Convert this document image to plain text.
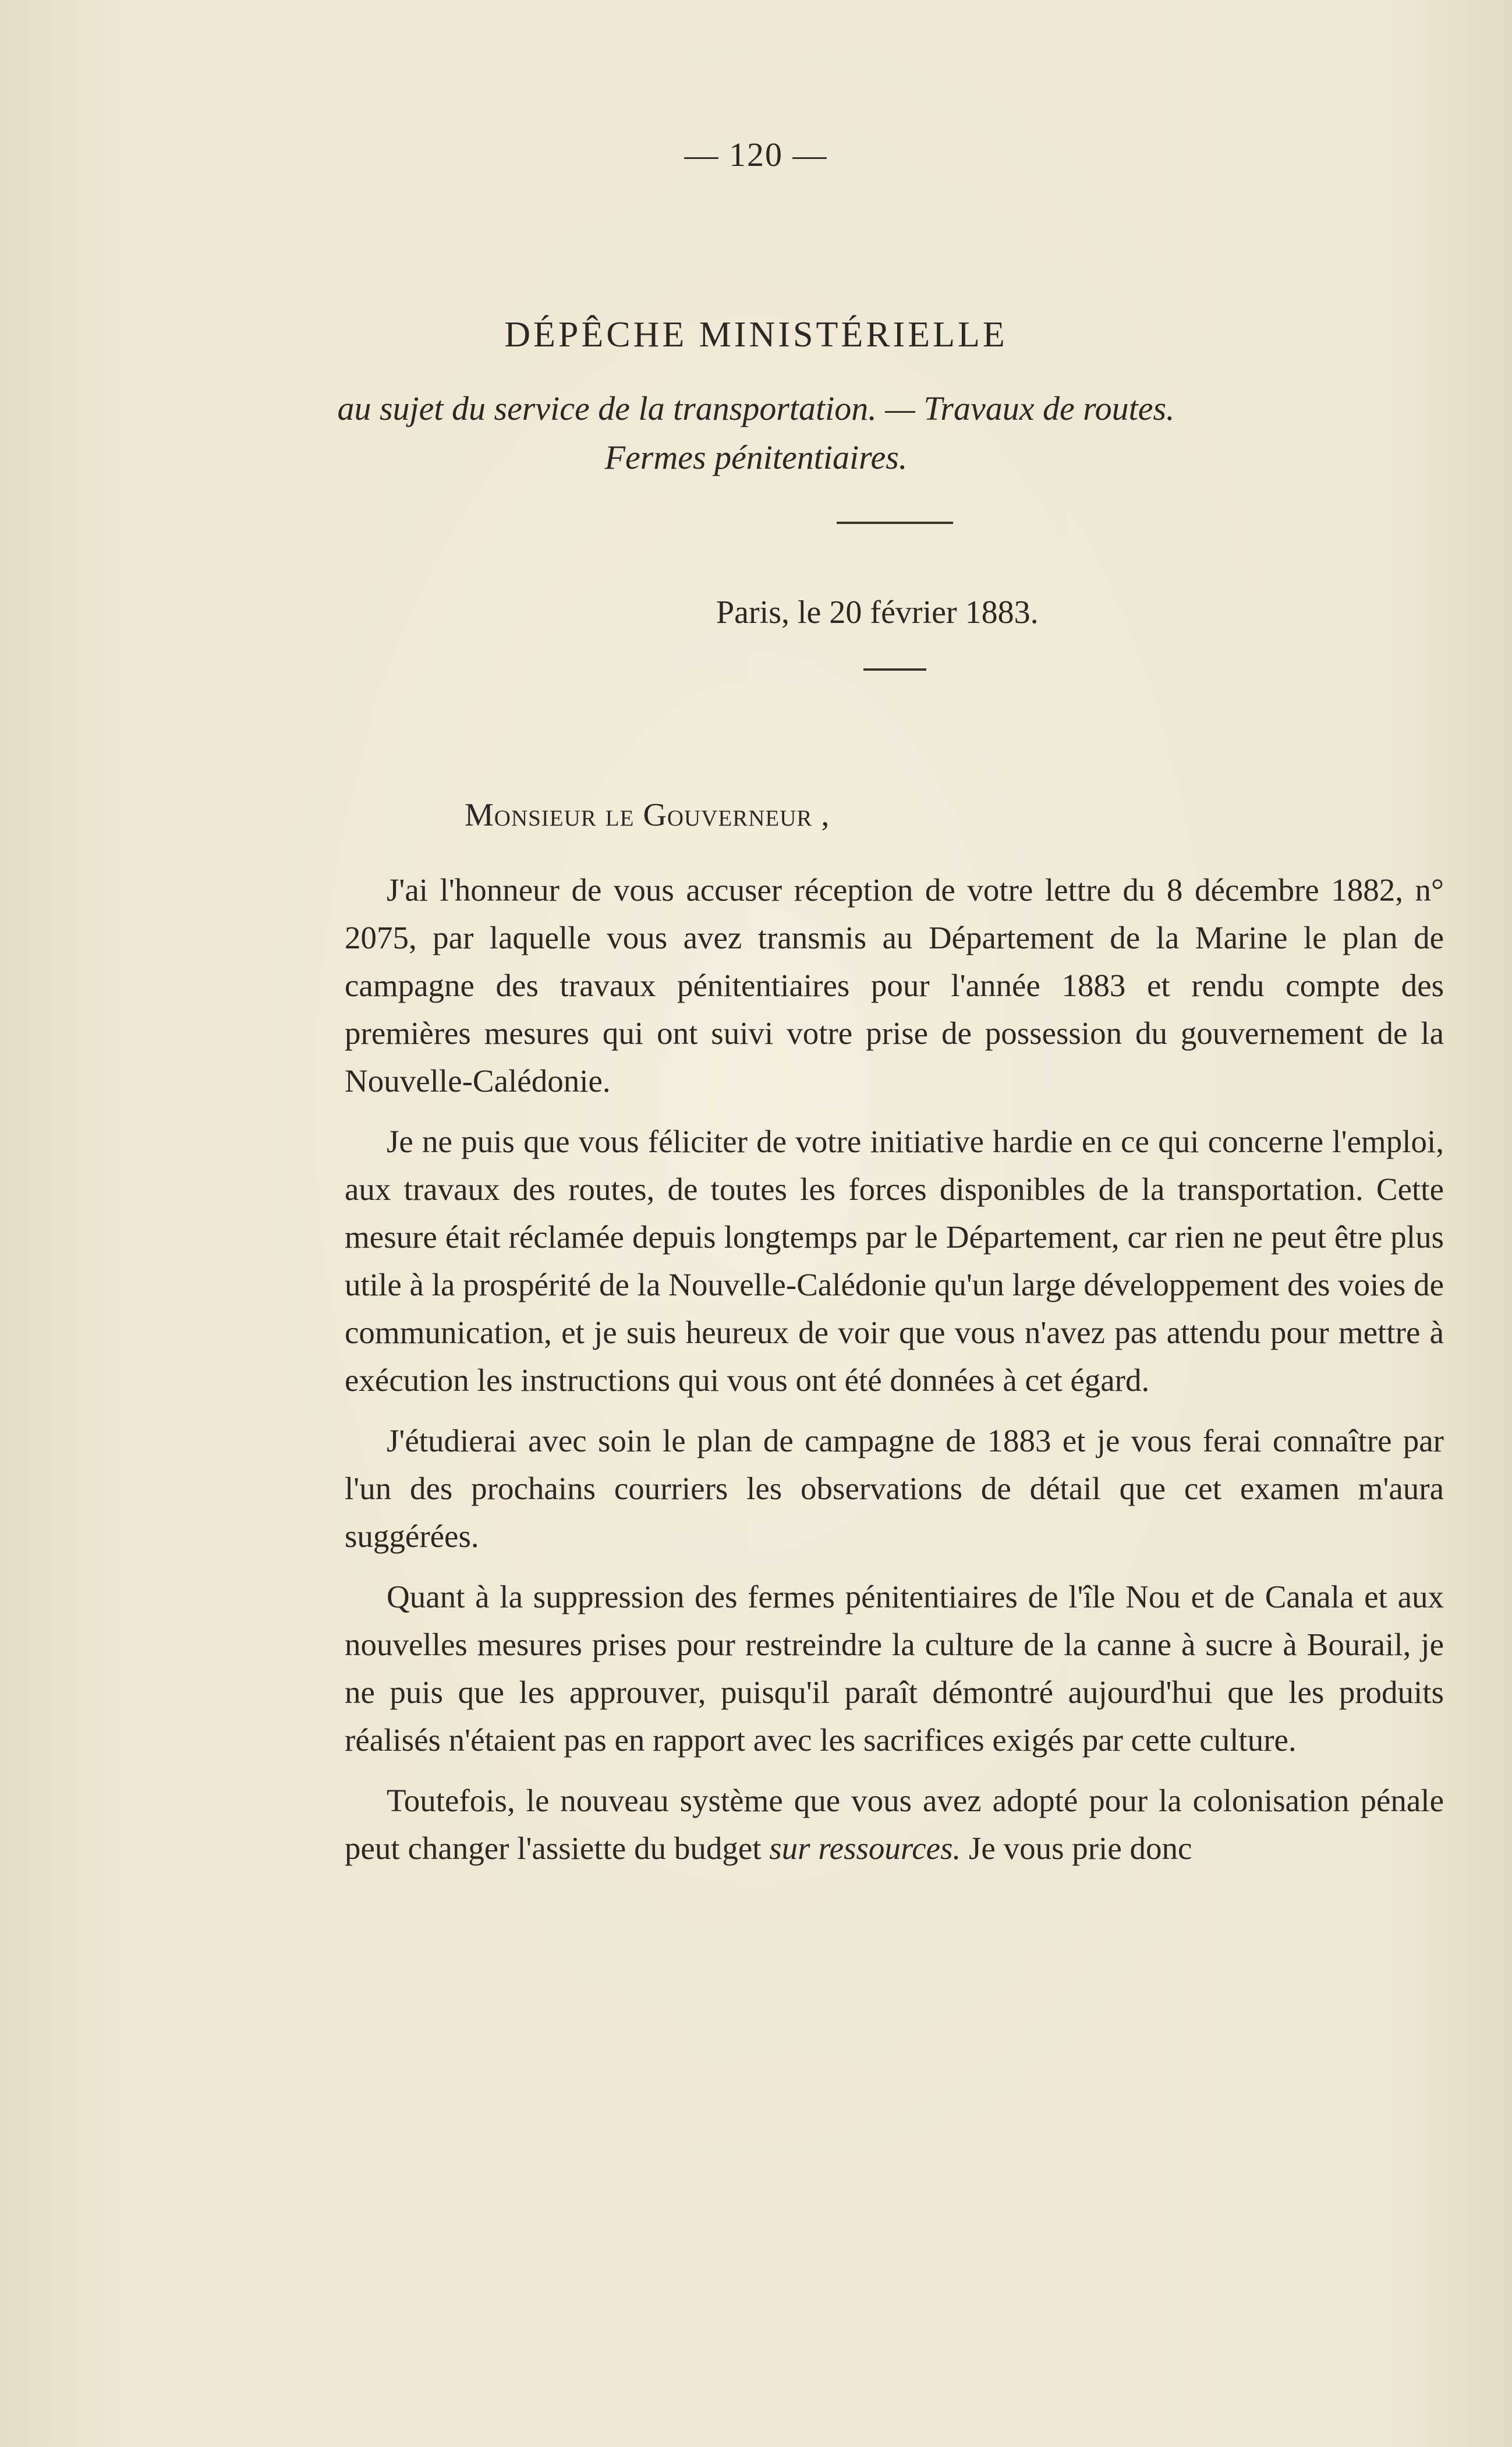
— 120 —
DÉPÊCHE MINISTÉRIELLE
au sujet du service de la transportation. — Travaux de routes.
Fermes pénitentiaires.
Paris, le 20 février 1883.
Monsieur le Gouverneur ,

J'ai l'honneur de vous accuser réception de votre lettre du 8 décembre 1882, n° 2075, par laquelle vous avez transmis au Département de la Marine le plan de campagne des travaux pénitentiaires pour l'année 1883 et rendu compte des premières mesures qui ont suivi votre prise de possession du gouvernement de la Nouvelle-Calédonie.

Je ne puis que vous féliciter de votre initiative hardie en ce qui concerne l'emploi, aux travaux des routes, de toutes les forces disponibles de la transportation. Cette mesure était réclamée depuis longtemps par le Département, car rien ne peut être plus utile à la prospérité de la Nouvelle-Calédonie qu'un large développement des voies de communication, et je suis heureux de voir que vous n'avez pas attendu pour mettre à exécution les instructions qui vous ont été données à cet égard.

J'étudierai avec soin le plan de campagne de 1883 et je vous ferai connaître par l'un des prochains courriers les observations de détail que cet examen m'aura suggérées.

Quant à la suppression des fermes pénitentiaires de l'île Nou et de Canala et aux nouvelles mesures prises pour restreindre la culture de la canne à sucre à Bourail, je ne puis que les approuver, puisqu'il paraît démontré aujourd'hui que les produits réalisés n'étaient pas en rapport avec les sacrifices exigés par cette culture.

Toutefois, le nouveau système que vous avez adopté pour la colonisation pénale peut changer l'assiette du budget sur ressources. Je vous prie donc
